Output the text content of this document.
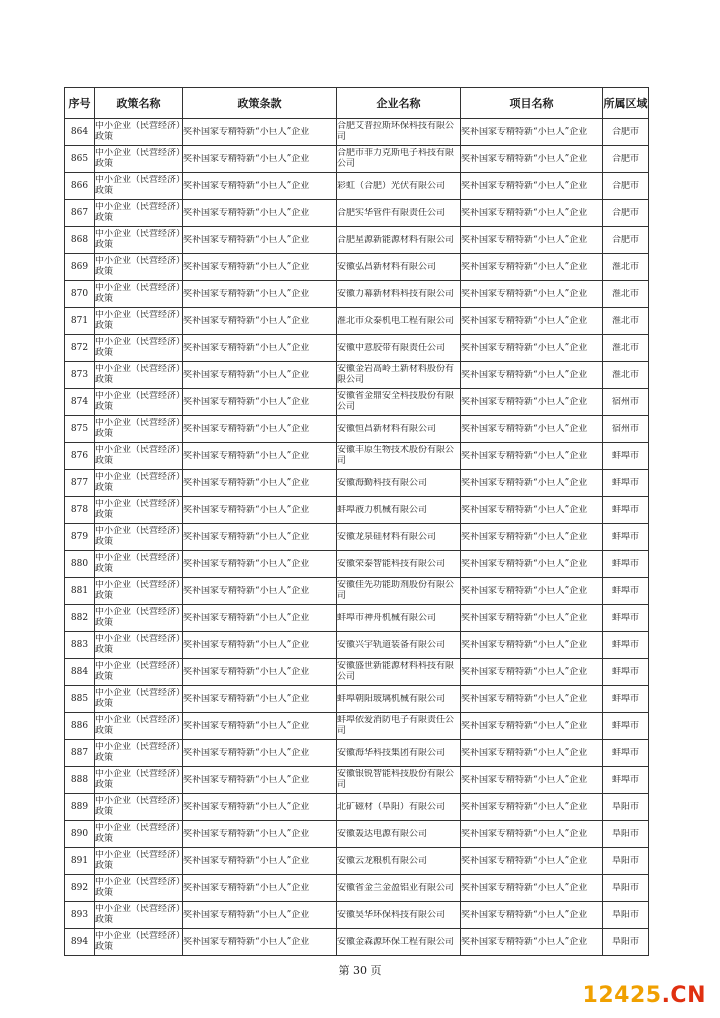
序号	政策名称	政策条款	企业名称	项目名称	所属区域

864	中小企业（民营经济）政策	奖补国家专精特新“小巨人”企业	合肥艾普拉斯环保科技有限公司	奖补国家专精特新“小巨人”企业	合肥市

865	中小企业（民营经济）政策	奖补国家专精特新“小巨人”企业	合肥市菲力克斯电子科技有限公司	奖补国家专精特新“小巨人”企业	合肥市

866	中小企业（民营经济）政策	奖补国家专精特新“小巨人”企业	彩虹（合肥）光伏有限公司	奖补国家专精特新“小巨人”企业	合肥市

867	中小企业（民营经济）政策	奖补国家专精特新“小巨人”企业	合肥实华管件有限责任公司	奖补国家专精特新“小巨人”企业	合肥市

868	中小企业（民营经济）政策	奖补国家专精特新“小巨人”企业	合肥星源新能源材料有限公司	奖补国家专精特新“小巨人”企业	合肥市

869	中小企业（民营经济）政策	奖补国家专精特新“小巨人”企业	安徽弘昌新材料有限公司	奖补国家专精特新“小巨人”企业	淮北市

870	中小企业（民营经济）政策	奖补国家专精特新“小巨人”企业	安徽力幕新材料科技有限公司	奖补国家专精特新“小巨人”企业	淮北市

871	中小企业（民营经济）政策	奖补国家专精特新“小巨人”企业	淮北市众泰机电工程有限公司	奖补国家专精特新“小巨人”企业	淮北市

872	中小企业（民营经济）政策	奖补国家专精特新“小巨人”企业	安徽中意胶带有限责任公司	奖补国家专精特新“小巨人”企业	淮北市

873	中小企业（民营经济）政策	奖补国家专精特新“小巨人”企业	安徽金岩高岭土新材料股份有限公司	奖补国家专精特新“小巨人”企业	淮北市

874	中小企业（民营经济）政策	奖补国家专精特新“小巨人”企业	安徽省金鼎安全科技股份有限公司	奖补国家专精特新“小巨人”企业	宿州市

875	中小企业（民营经济）政策	奖补国家专精特新“小巨人”企业	安徽恒昌新材料有限公司	奖补国家专精特新“小巨人”企业	宿州市

876	中小企业（民营经济）政策	奖补国家专精特新“小巨人”企业	安徽丰原生物技术股份有限公司	奖补国家专精特新“小巨人”企业	蚌埠市

877	中小企业（民营经济）政策	奖补国家专精特新“小巨人”企业	安徽海勤科技有限公司	奖补国家专精特新“小巨人”企业	蚌埠市

878	中小企业（民营经济）政策	奖补国家专精特新“小巨人”企业	蚌埠液力机械有限公司	奖补国家专精特新“小巨人”企业	蚌埠市

879	中小企业（民营经济）政策	奖补国家专精特新“小巨人”企业	安徽龙泉硅材料有限公司	奖补国家专精特新“小巨人”企业	蚌埠市

880	中小企业（民营经济）政策	奖补国家专精特新“小巨人”企业	安徽荣泰智能科技有限公司	奖补国家专精特新“小巨人”企业	蚌埠市

881	中小企业（民营经济）政策	奖补国家专精特新“小巨人”企业	安徽佳先功能助剂股份有限公司	奖补国家专精特新“小巨人”企业	蚌埠市

882	中小企业（民营经济）政策	奖补国家专精特新“小巨人”企业	蚌埠市神舟机械有限公司	奖补国家专精特新“小巨人”企业	蚌埠市

883	中小企业（民营经济）政策	奖补国家专精特新“小巨人”企业	安徽兴宇轨道装备有限公司	奖补国家专精特新“小巨人”企业	蚌埠市

884	中小企业（民营经济）政策	奖补国家专精特新“小巨人”企业	安徽盛世新能源材料科技有限公司	奖补国家专精特新“小巨人”企业	蚌埠市

885	中小企业（民营经济）政策	奖补国家专精特新“小巨人”企业	蚌埠朝阳玻璃机械有限公司	奖补国家专精特新“小巨人”企业	蚌埠市

886	中小企业（民营经济）政策	奖补国家专精特新“小巨人”企业	蚌埠依爱消防电子有限责任公司	奖补国家专精特新“小巨人”企业	蚌埠市

887	中小企业（民营经济）政策	奖补国家专精特新“小巨人”企业	安徽海华科技集团有限公司	奖补国家专精特新“小巨人”企业	蚌埠市

888	中小企业（民营经济）政策	奖补国家专精特新“小巨人”企业	安徽银锐智能科技股份有限公司	奖补国家专精特新“小巨人”企业	蚌埠市

889	中小企业（民营经济）政策	奖补国家专精特新“小巨人”企业	北矿磁材（阜阳）有限公司	奖补国家专精特新“小巨人”企业	阜阳市

890	中小企业（民营经济）政策	奖补国家专精特新“小巨人”企业	安徽轰达电源有限公司	奖补国家专精特新“小巨人”企业	阜阳市

891	中小企业（民营经济）政策	奖补国家专精特新“小巨人”企业	安徽云龙粮机有限公司	奖补国家专精特新“小巨人”企业	阜阳市

892	中小企业（民营经济）政策	奖补国家专精特新“小巨人”企业	安徽省金兰金盈铝业有限公司	奖补国家专精特新“小巨人”企业	阜阳市

893	中小企业（民营经济）政策	奖补国家专精特新“小巨人”企业	安徽昊华环保科技有限公司	奖补国家专精特新“小巨人”企业	阜阳市

894	中小企业（民营经济）政策	奖补国家专精特新“小巨人”企业	安徽金森源环保工程有限公司	奖补国家专精特新“小巨人”企业	阜阳市
第 30 页
12425.CN
